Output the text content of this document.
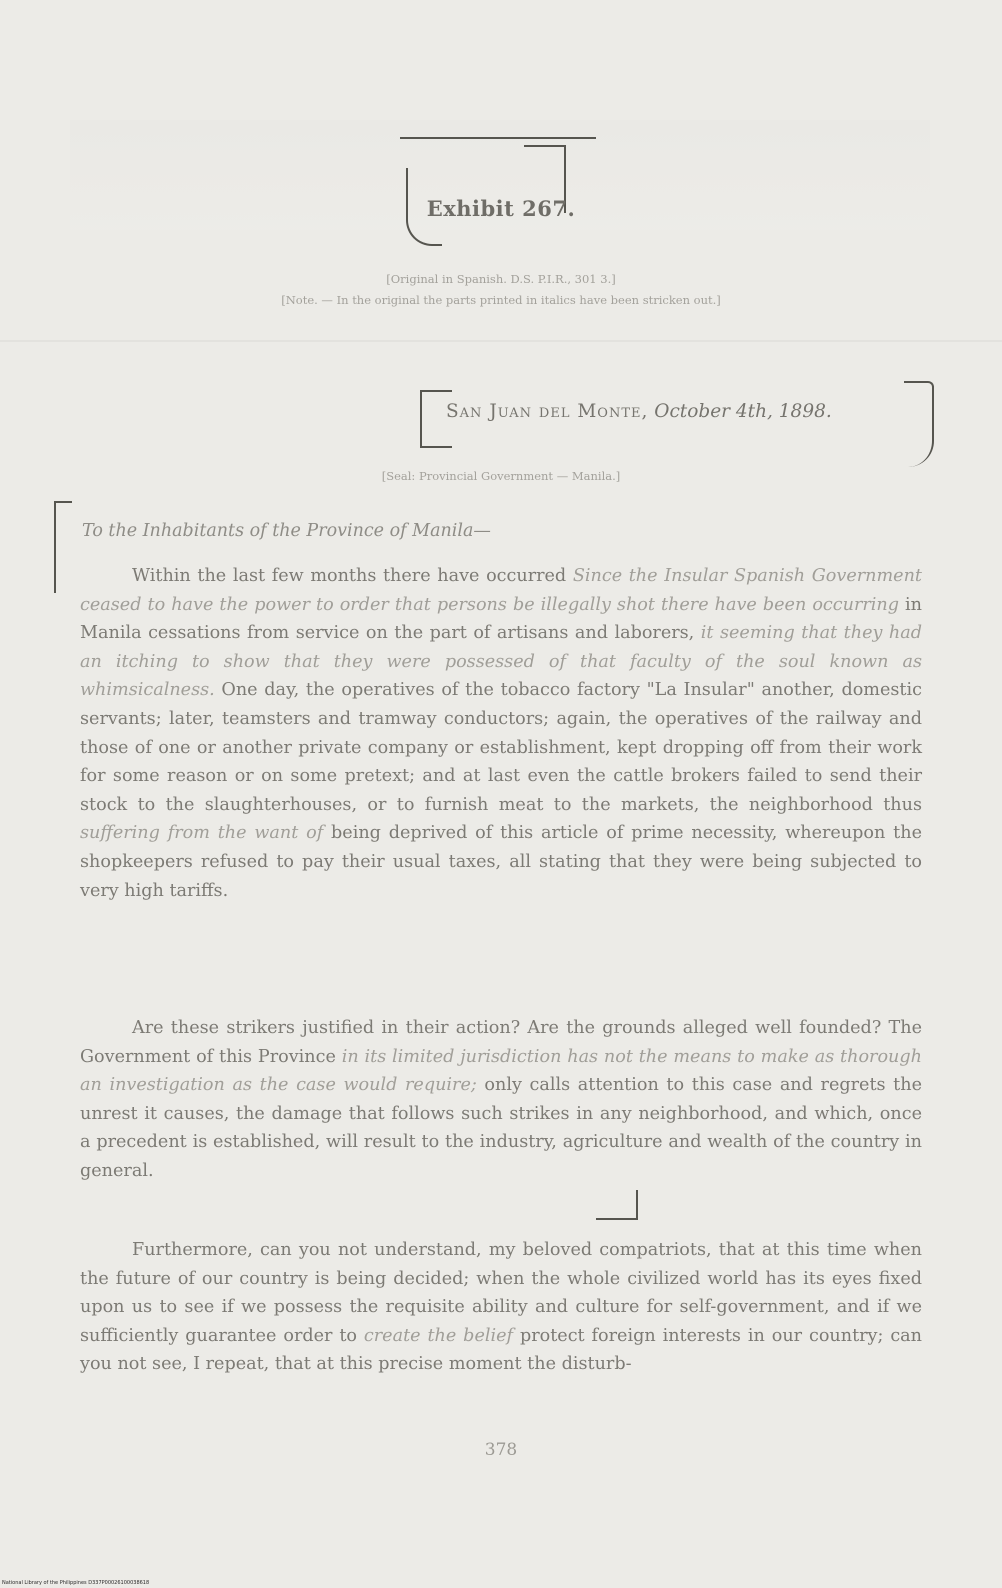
Exhibit 267.
[Original in Spanish. D.S. P.I.R., 301 3.]
[Note. — In the original the parts printed in italics have been stricken out.]
San Juan del Monte, October 4th, 1898.
[Seal: Provincial Government — Manila.]
To the Inhabitants of the Province of Manila—

Within the last few months there have occurred Since the Insular Spanish Government ceased to have the power to order that persons be illegally shot there have been occurring in Manila cessations from service on the part of artisans and laborers, it seeming that they had an itching to show that they were possessed of that faculty of the soul known as whimsicalness. One day, the operatives of the tobacco factory "La Insular" another, domestic servants; later, teamsters and tramway conductors; again, the operatives of the railway and those of one or another private company or establishment, kept dropping off from their work for some reason or on some pretext; and at last even the cattle brokers failed to send their stock to the slaughterhouses, or to furnish meat to the markets, the neighborhood thus suffering from the want of being deprived of this article of prime necessity, whereupon the shopkeepers refused to pay their usual taxes, all stating that they were being subjected to very high tariffs.

Are these strikers justified in their action? Are the grounds alleged well founded? The Government of this Province in its limited jurisdiction has not the means to make as thorough an investigation as the case would require; only calls attention to this case and regrets the unrest it causes, the damage that follows such strikes in any neighborhood, and which, once a precedent is established, will result to the industry, agriculture and wealth of the country in general.

Furthermore, can you not understand, my beloved compatriots, that at this time when the future of our country is being decided; when the whole civilized world has its eyes fixed upon us to see if we possess the requisite ability and culture for self-government, and if we sufficiently guarantee order to create the belief protect foreign interests in our country; can you not see, I repeat, that at this precise moment the disturb-

378
National Library of the Philippines D337P00026100038618
